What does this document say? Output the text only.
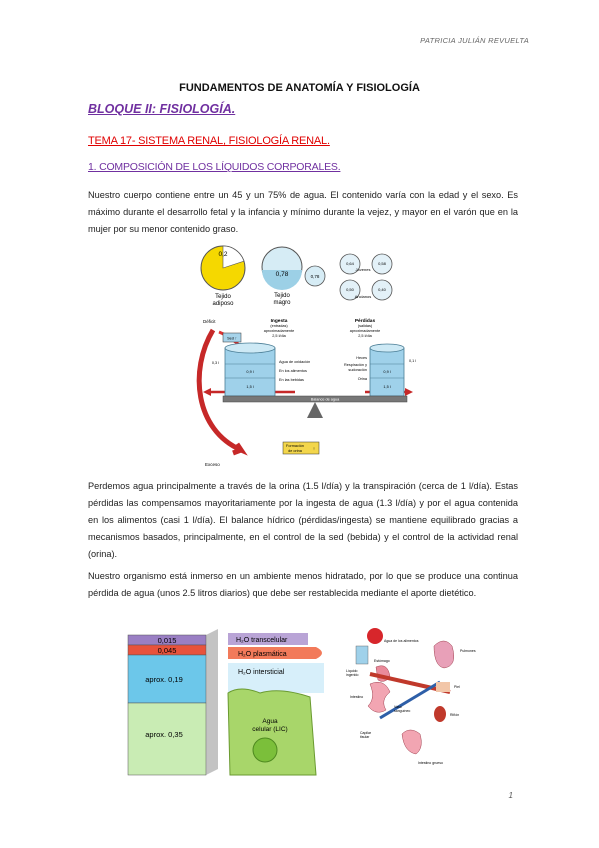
PATRICIA JULIÁN REVUELTA
FUNDAMENTOS DE ANATOMÍA Y FISIOLOGÍA
BLOQUE II: FISIOLOGÍA.
TEMA 17- SISTEMA RENAL, FISIOLOGÍA RENAL.
1. COMPOSICIÓN DE LOS LÍQUIDOS CORPORALES.
Nuestro cuerpo contiene entre un 45 y un 75% de agua. El contenido varía con la edad y el sexo. Es máximo durante el desarrollo fetal y la infancia y mínimo durante la vejez, y mayor en el varón que en la mujer por su menor contenido graso.
0,2
Tejido
adiposo
0,78
Tejido
magro
0,78
0,64
Jóvenes
0,58
0,50
Ancianos
0,40
Déficit
Exceso
Sed ↑
Formación
de orina ↑
Ingesta
(entradas)
aproximadamente
2,5 l/día
Pérdidas
(salidas)
aproximadamente
2,5 l/día
0,3 l
0,9 l
1,5 l
Agua de oxidación
En los alimentos
En las bebidas
0,1 l
0,9 l
1,5 l
Heces
Respiración y
sudoración
Orina
Balance de agua
Perdemos agua principalmente a través de la orina (1.5 l/día) y la transpiración (cerca de 1 l/día). Estas pérdidas las compensamos mayoritariamente por la ingesta de agua (1.3 l/día) y por el agua contenida en los alimentos (casi 1 l/día). El balance hídrico (pérdidas/ingesta) se mantiene equilibrado gracias a mecanismos basados, principalmente, en el control de la sed (bebida) y el control de la actividad renal (orina).
Nuestro organismo está inmerso en un ambiente menos hidratado, por lo que se produce una continua pérdida de agua (unos 2.5 litros diarios) que debe ser restablecida mediante el aporte dietético.
0,015
0,045
aprox. 0,19
aprox. 0,35
H₂O transcelular
H₂O plasmática
H₂O intersticial
Agua
celular (LIC)
Agua de los alimentos
Líquido
ingerido
Estómago
Intestino
Pulmones
Piel
Riñón
Vaso
sanguíneo
Capilar
tisular
Intestino grueso
1
